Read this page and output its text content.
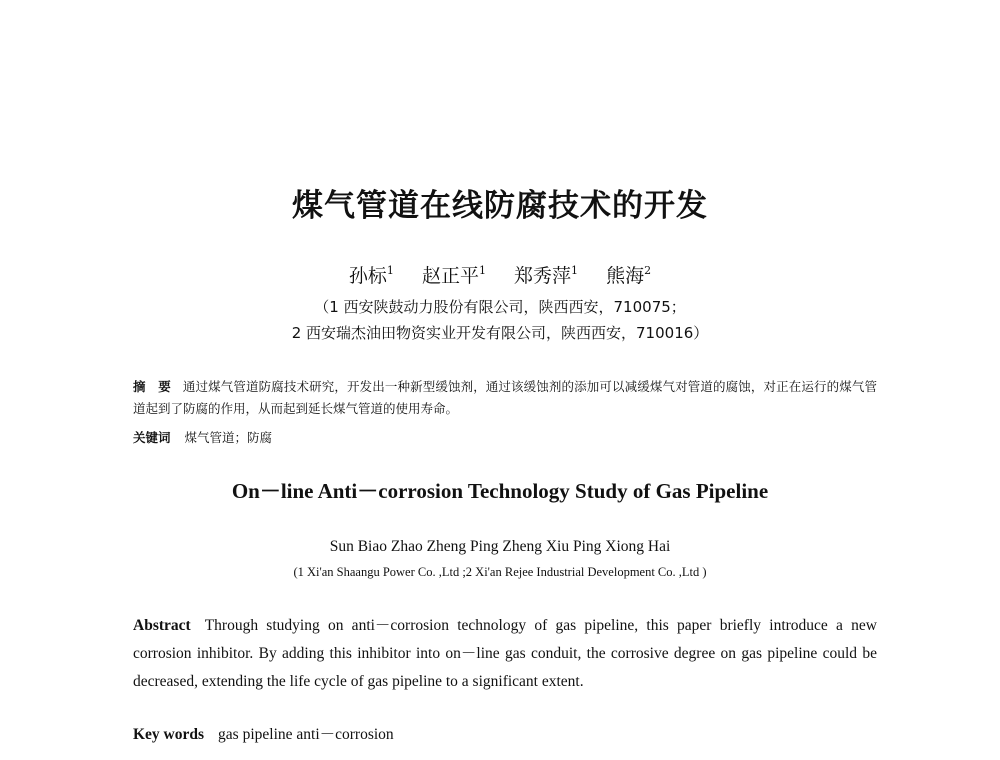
煤气管道在线防腐技术的开发
孙标$^1$ 赵正平$^1$ 郑秀萍$^1$ 熊海$^2$
（1 西安陕鼓动力股份有限公司，陕西西安，710075；
2 西安瑞杰油田物资实业开发有限公司，陕西西安，710016）
摘　要 通过煤气管道防腐技术研究，开发出一种新型缓蚀剂，通过该缓蚀剂的添加可以减缓煤气对管道的腐蚀，对正在运行的煤气管道起到了防腐的作用，从而起到延长煤气管道的使用寿命。
关键词 煤气管道；防腐
On－line Anti－corrosion Technology Study of Gas Pipeline
Sun Biao Zhao Zheng Ping Zheng Xiu Ping Xiong Hai
(1 Xi'an Shaangu Power Co. ,Ltd ;2 Xi'an Rejee Industrial Development Co. ,Ltd )
Abstract Through studying on anti－corrosion technology of gas pipeline, this paper briefly introduce a new corrosion inhibitor. By adding this inhibitor into on－line gas conduit, the corrosive degree on gas pipeline could be decreased, extending the life cycle of gas pipeline to a significant extent.
Key words gas pipeline anti－corrosion
